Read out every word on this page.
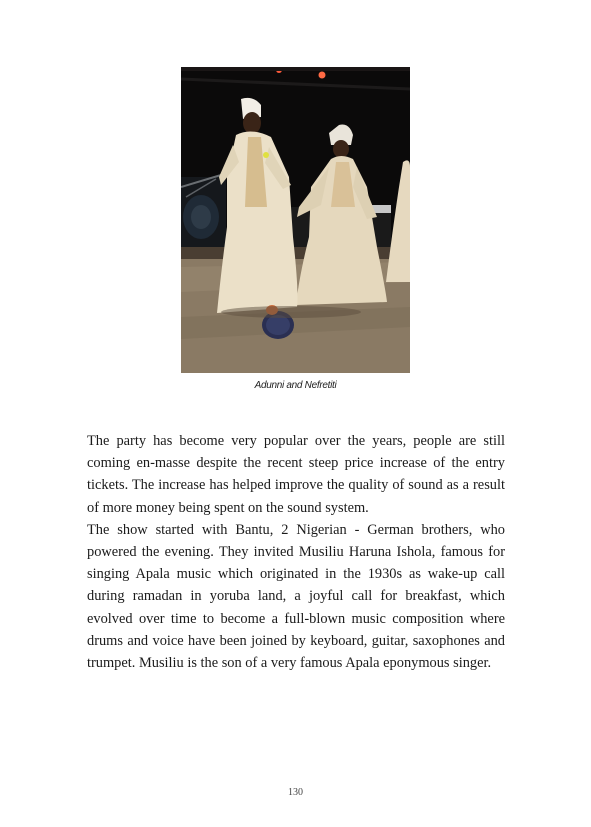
Adunni and Nefretiti

The party has become very popular over the years, people are still coming en-masse despite the recent steep price increase of the entry tickets. The increase has helped improve the quality of sound as a result of more money being spent on the sound system.

The show started with Bantu, 2 Nigerian - German brothers, who powered the evening. They invited Musiliu Haruna Ishola, famous for singing Apala music which originated in the 1930s as wake-up call during ramadan in yoruba land, a joyful call for breakfast, which evolved over time to become a full-blown music composition where drums and voice have been joined by keyboard, guitar, saxophones and trumpet. Musiliu is the son of a very famous Apala eponymous singer.

130
